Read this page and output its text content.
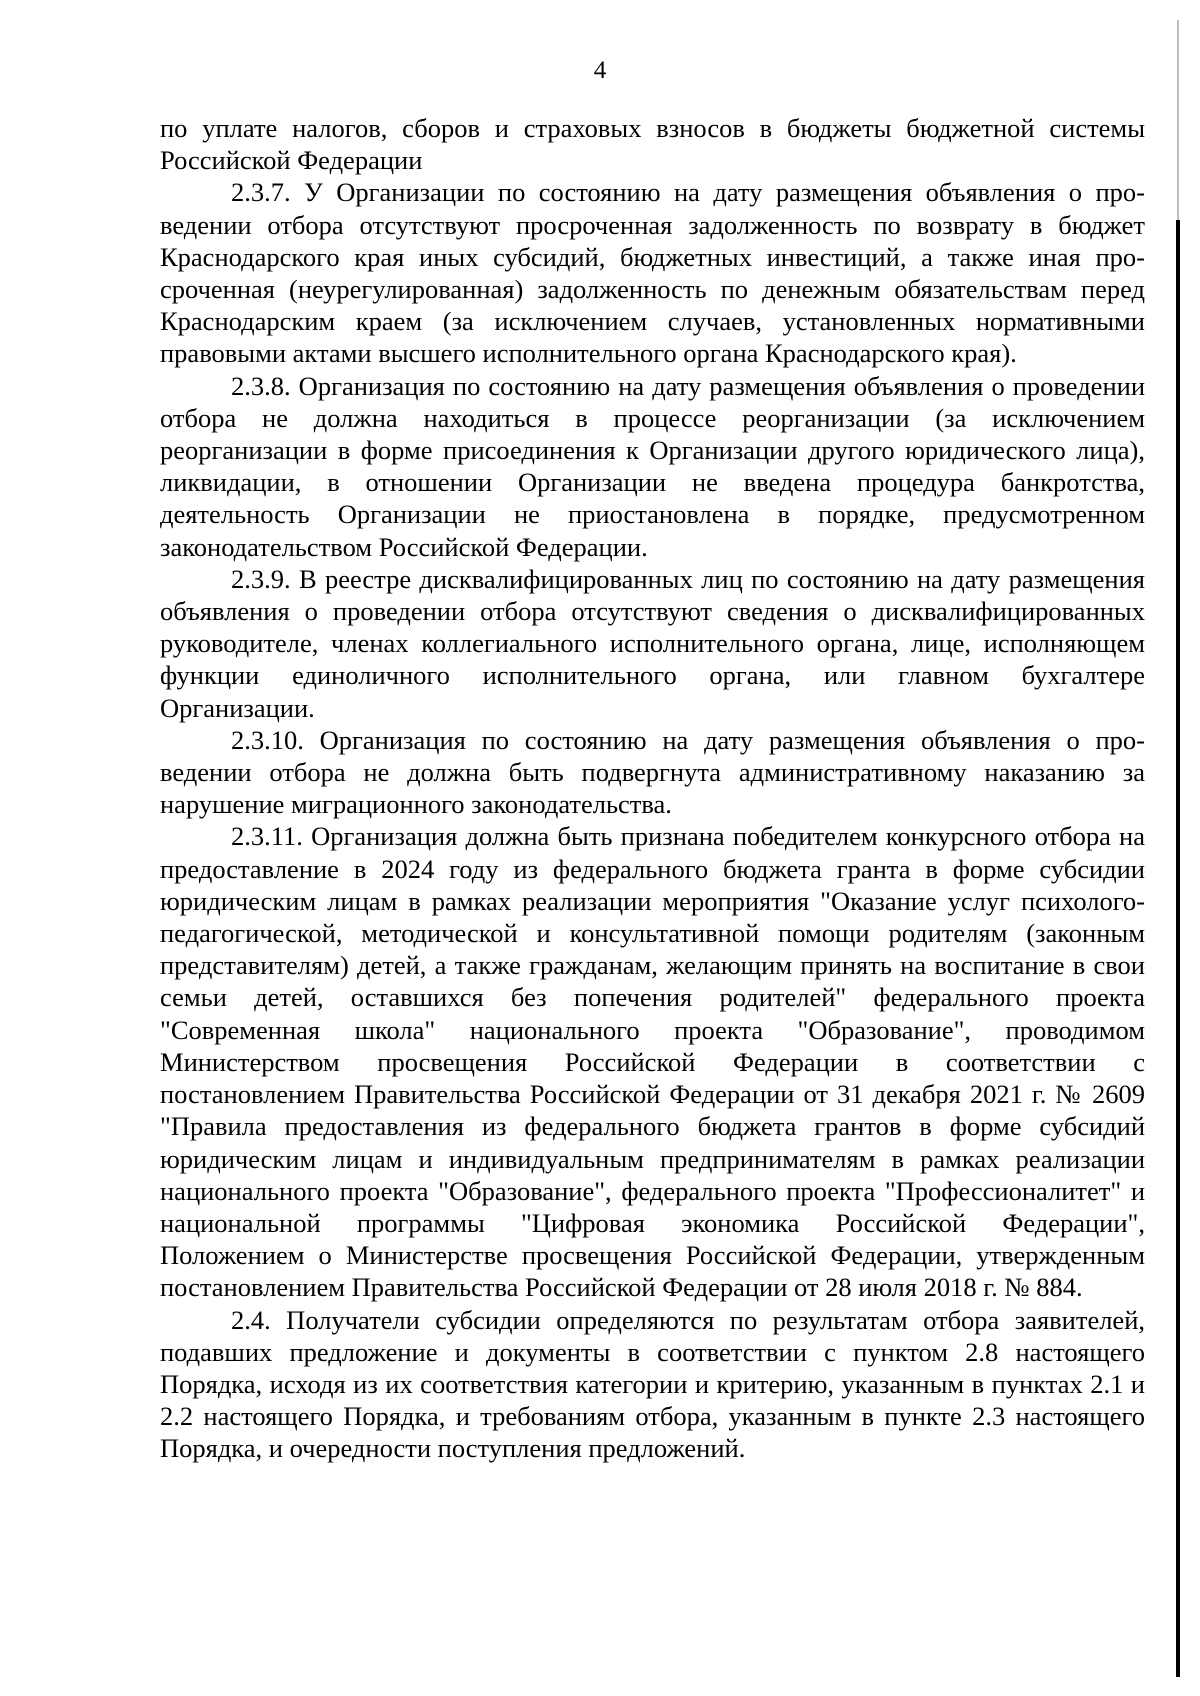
4

по уплате налогов, сборов и страховых взносов в бюджеты бюджетной системы Российской Федерации

2.3.7. У Организации по состоянию на дату размещения объявления о проведении отбора отсутствуют просроченная задолженность по возврату в бюджет Краснодарского края иных субсидий, бюджетных инвестиций, а также иная просроченная (неурегулированная) задолженность по денежным обязательствам перед Краснодарским краем (за исключением случаев, установленных нормативными правовыми актами высшего исполнительного органа Краснодарского края).

2.3.8. Организация по состоянию на дату размещения объявления о проведении отбора не должна находиться в процессе реорганизации (за исключением реорганизации в форме присоединения к Организации другого юридического лица), ликвидации, в отношении Организации не введена процедура банкротства, деятельность Организации не приостановлена в порядке, предусмотренном законодательством Российской Федерации.

2.3.9. В реестре дисквалифицированных лиц по состоянию на дату размещения объявления о проведении отбора отсутствуют сведения о дисквалифицированных руководителе, членах коллегиального исполнительного органа, лице, исполняющем функции единоличного исполнительного органа, или главном бухгалтере Организации.

2.3.10. Организация по состоянию на дату размещения объявления о проведении отбора не должна быть подвергнута административному наказанию за нарушение миграционного законодательства.

2.3.11. Организация должна быть признана победителем конкурсного отбора на предоставление в 2024 году из федерального бюджета гранта в форме субсидии юридическим лицам в рамках реализации мероприятия "Оказание услуг психолого-педагогической, методической и консультативной помощи родителям (законным представителям) детей, а также гражданам, желающим принять на воспитание в свои семьи детей, оставшихся без попечения родителей" федерального проекта "Современная школа" национального проекта "Образование", проводимом Министерством просвещения Российской Федерации в соответствии с постановлением Правительства Российской Федерации от 31 декабря 2021 г. № 2609 "Правила предоставления из федерального бюджета грантов в форме субсидий юридическим лицам и индивидуальным предпринимателям в рамках реализации национального проекта "Образование", федерального проекта "Профессионалитет" и национальной программы "Цифровая экономика Российской Федерации", Положением о Министерстве просвещения Российской Федерации, утвержденным постановлением Правительства Российской Федерации от 28 июля 2018 г. № 884.

2.4. Получатели субсидии определяются по результатам отбора заявителей, подавших предложение и документы в соответствии с пунктом 2.8 настоящего Порядка, исходя из их соответствия категории и критерию, указанным в пунктах 2.1 и 2.2 настоящего Порядка, и требованиям отбора, указанным в пункте 2.3 настоящего Порядка, и очередности поступления предложений.
